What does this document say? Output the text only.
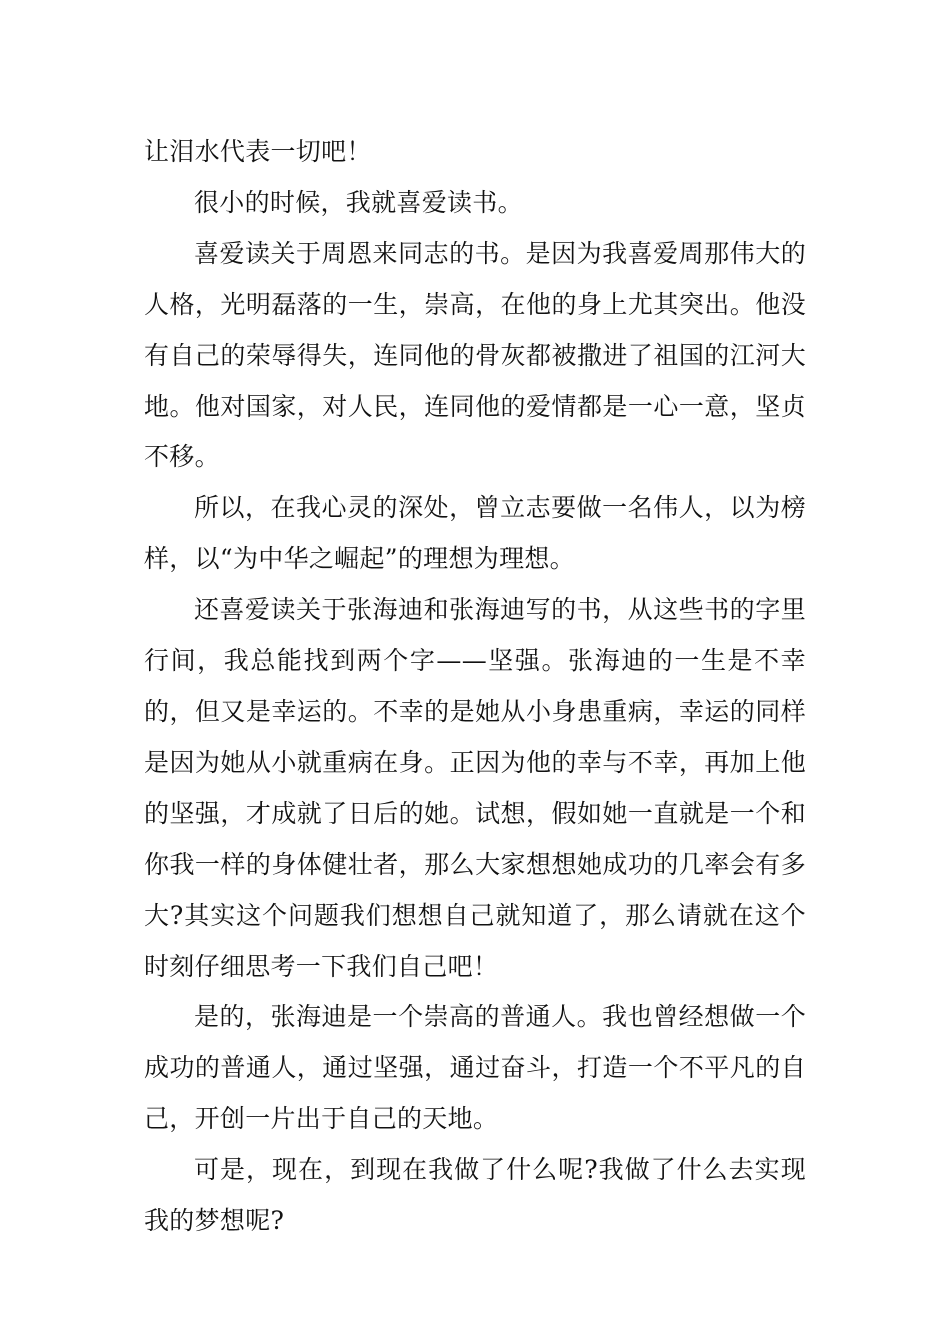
让泪水代表一切吧！

很小的时候，我就喜爱读书。

喜爱读关于周恩来同志的书。是因为我喜爱周那伟大的人格，光明磊落的一生，崇高，在他的身上尤其突出。他没有自己的荣辱得失，连同他的骨灰都被撒进了祖国的江河大地。他对国家，对人民，连同他的爱情都是一心一意，坚贞不移。

所以，在我心灵的深处，曾立志要做一名伟人，以为榜样，以“为中华之崛起”的理想为理想。

还喜爱读关于张海迪和张海迪写的书，从这些书的字里行间，我总能找到两个字——坚强。张海迪的一生是不幸的，但又是幸运的。不幸的是她从小身患重病，幸运的同样是因为她从小就重病在身。正因为他的幸与不幸，再加上他的坚强，才成就了日后的她。试想，假如她一直就是一个和你我一样的身体健壮者，那么大家想想她成功的几率会有多大?其实这个问题我们想想自己就知道了，那么请就在这个时刻仔细思考一下我们自己吧！

是的，张海迪是一个崇高的普通人。我也曾经想做一个成功的普通人，通过坚强，通过奋斗，打造一个不平凡的自己，开创一片出于自己的天地。

可是，现在，到现在我做了什么呢?我做了什么去实现我的梦想呢?
